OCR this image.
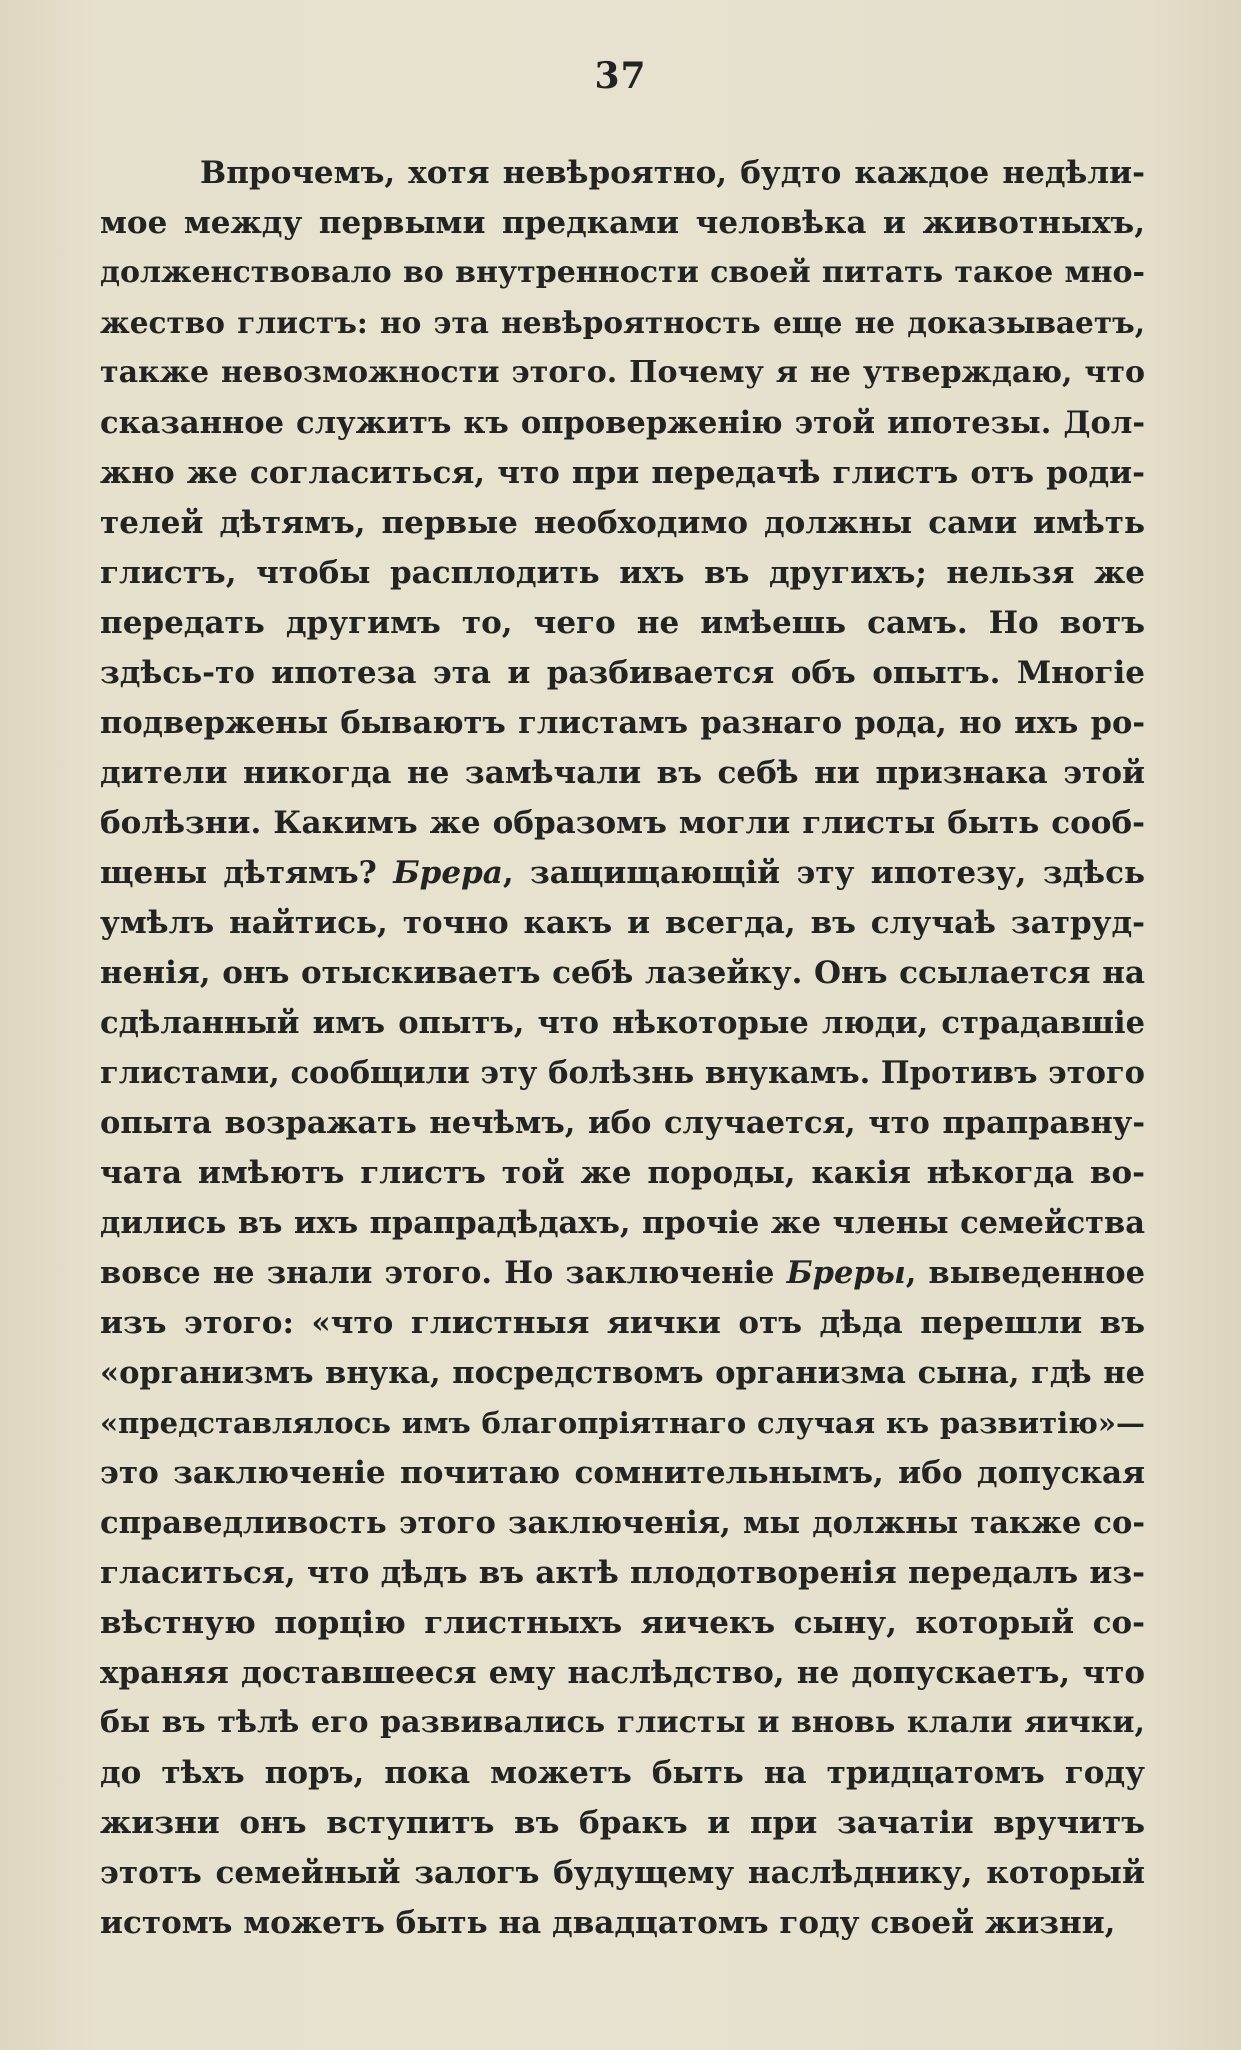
37
Впрочемъ, хотя невѣроятно, будто каждое недѣли-
мое между первыми предками человѣка и животныхъ,
долженствовало во внутренности своей питать такое мно-
жество глистъ: но эта невѣроятность еще не доказываетъ,
также невозможности этого. Почему я не утверждаю, что
сказанное служитъ къ опроверженію этой ипотезы. Дол-
жно же согласиться, что при передачѣ глистъ отъ роди-
телей дѣтямъ, первые необходимо должны сами имѣть
глистъ, чтобы расплодить ихъ въ другихъ; нельзя же
передать другимъ то, чего не имѣешь самъ. Но вотъ
здѣсь-то ипотеза эта и разбивается объ опытъ. Многіе
подвержены бываютъ глистамъ разнаго рода, но ихъ ро-
дители никогда не замѣчали въ себѣ ни признака этой
болѣзни. Какимъ же образомъ могли глисты быть сооб-
щены дѣтямъ? Брера, защищающій эту ипотезу, здѣсь
умѣлъ найтись, точно какъ и всегда, въ случаѣ затруд-
ненія, онъ отыскиваетъ себѣ лазейку. Онъ ссылается на
сдѣланный имъ опытъ, что нѣкоторые люди, страдавшіе
глистами, сообщили эту болѣзнь внукамъ. Противъ этого
опыта возражать нечѣмъ, ибо случается, что праправну-
чата имѣютъ глистъ той же породы, какія нѣкогда во-
дились въ ихъ прапрадѣдахъ, прочіе же члены семейства
вовсе не знали этого. Но заключеніе Бреры, выведенное
изъ этого: «что глистныя яички отъ дѣда перешли въ
«организмъ внука, посредствомъ организма сына, гдѣ не
«представлялось имъ благопріятнаго случая къ развитію»—
это заключеніе почитаю сомнительнымъ, ибо допуская
справедливость этого заключенія, мы должны также со-
гласиться, что дѣдъ въ актѣ плодотворенія передалъ из-
вѣстную порцію глистныхъ яичекъ сыну, который со-
храняя доставшееся ему наслѣдство, не допускаетъ, что
бы въ тѣлѣ его развивались глисты и вновь клали яички,
до тѣхъ поръ, пока можетъ быть на тридцатомъ году
жизни онъ вступитъ въ бракъ и при зачатіи вручитъ
этотъ семейный залогъ будущему наслѣднику, который
истомъ можетъ быть на двадцатомъ году своей жизни,
